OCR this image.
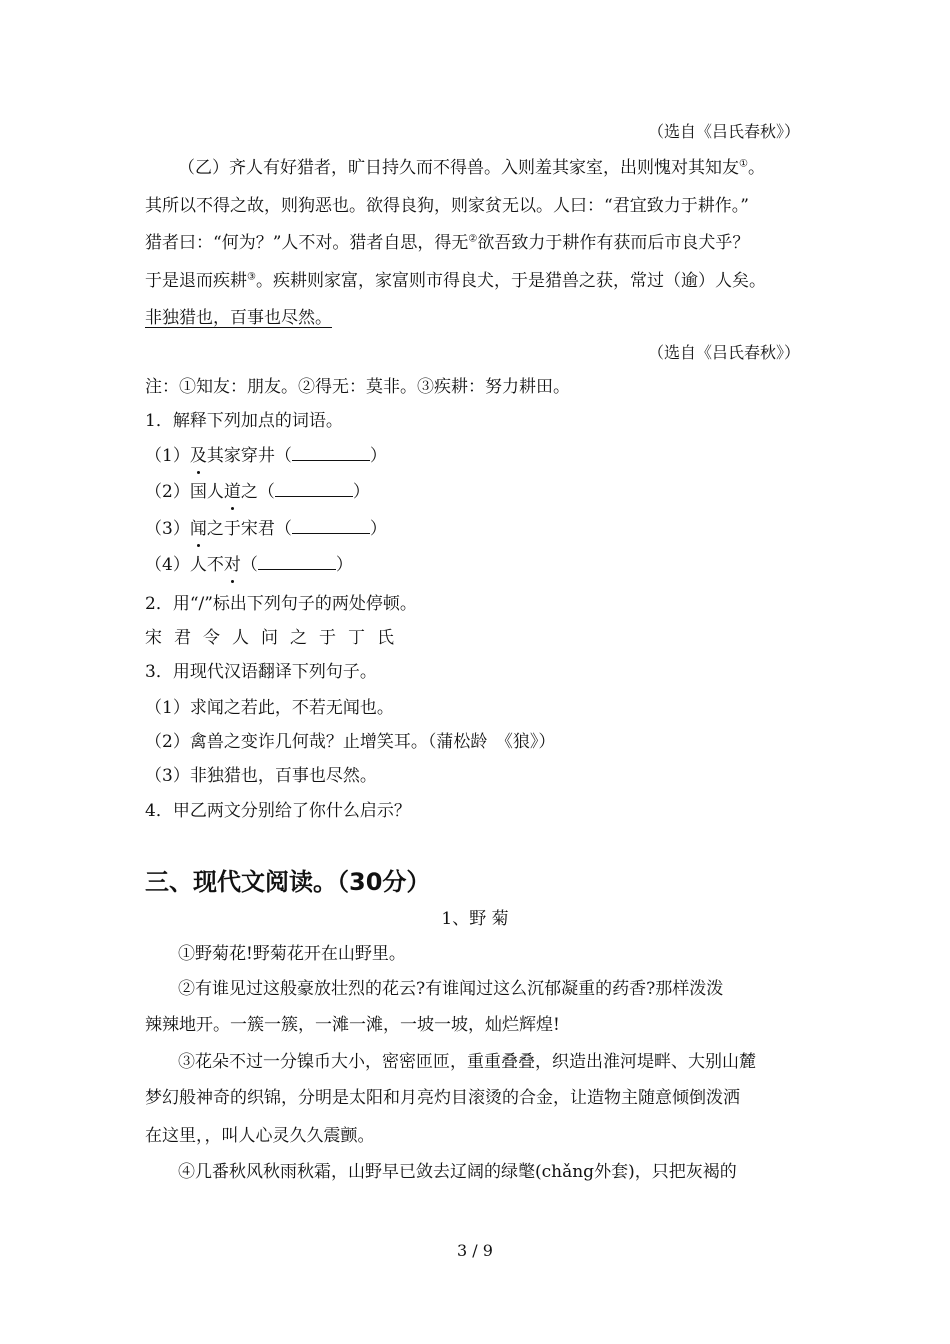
（选自《吕氏春秋》）
（乙）齐人有好猎者，旷日持久而不得兽。入则羞其家室，出则愧对其知友①。
其所以不得之故，则狗恶也。欲得良狗，则家贫无以。人曰：“君宜致力于耕作。”
猎者曰：“何为？”人不对。猎者自思，得无②欲吾致力于耕作有获而后市良犬乎？
于是退而疾耕③。疾耕则家富，家富则市得良犬，于是猎兽之获，常过（逾）人矣。
非独猎也，百事也尽然。
（选自《吕氏春秋》）
注：①知友：朋友。②得无：莫非。③疾耕：努力耕田。
1．解释下列加点的词语。
（1）及其家穿井（	）
（2）国人道之（	）
（3）闻之于宋君（	）
（4）人不对（	）
2．用“/”标出下列句子的两处停顿。
宋君令人问之于丁氏
3．用现代汉语翻译下列句子。
（1）求闻之若此，不若无闻也。
（2）禽兽之变诈几何哉？止增笑耳。（蒲松龄　《狼》）
（3）非独猎也，百事也尽然。
4．甲乙两文分别给了你什么启示？
三、现代文阅读。（30分）
1、野 菊
①野菊花!野菊花开在山野里。
②有谁见过这般豪放壮烈的花云?有谁闻过这么沉郁凝重的药香?那样泼泼
辣辣地开。一簇一簇，一滩一滩，一坡一坡，灿烂辉煌!
③花朵不过一分镍币大小，密密匝匝，重重叠叠，织造出淮河堤畔、大别山麓
梦幻般神奇的织锦，分明是太阳和月亮灼目滚烫的合金，让造物主随意倾倒泼洒
在这里，，叫人心灵久久震颤。
④几番秋风秋雨秋霜，山野早已敛去辽阔的绿氅(chǎng外套)，只把灰褐的
3 / 9
